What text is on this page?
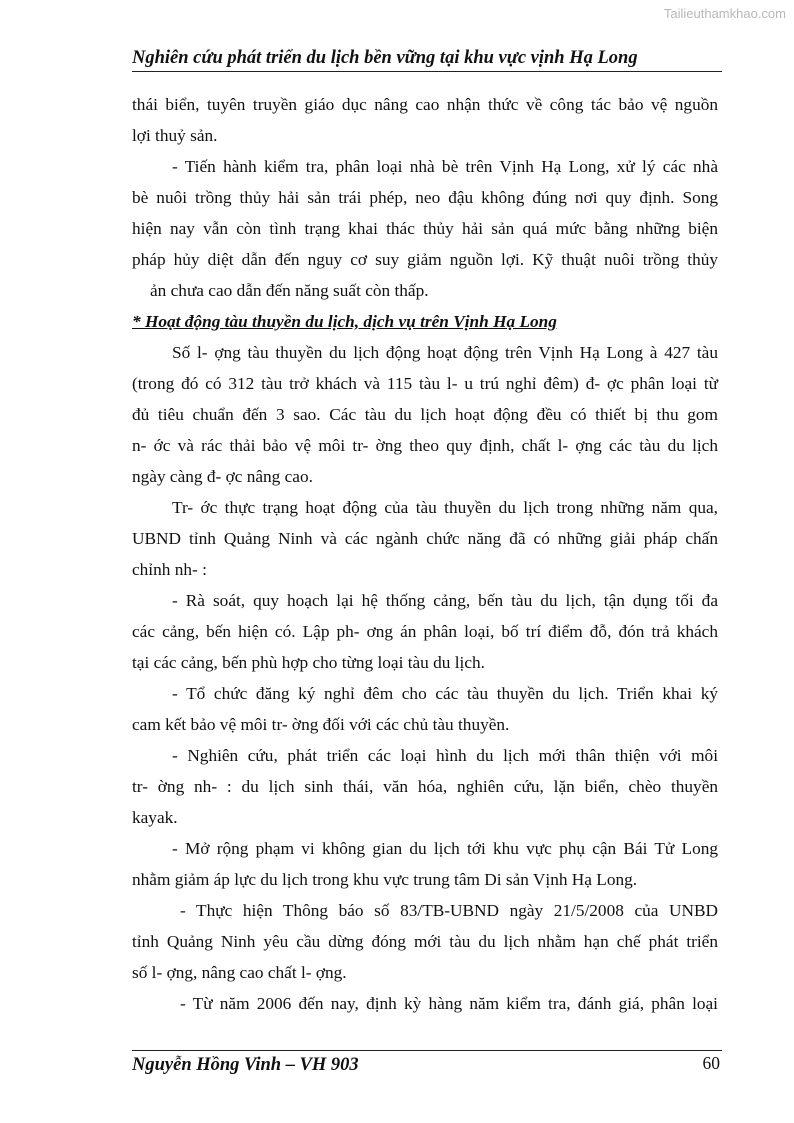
Tailieuthamkhao.com
Nghiên cứu phát triển du lịch bền vững tại khu vực vịnh Hạ Long
thái biển, tuyên truyền giáo dục nâng cao nhận thức về công tác bảo vệ nguồn
lợi thuỷ sản.
- Tiến hành kiểm tra, phân loại nhà bè trên Vịnh Hạ Long, xử lý các nhà
bè nuôi trồng thủy hải sản trái phép, neo đậu không đúng nơi quy định. Song
hiện nay vẫn còn tình trạng khai thác thủy hải sản quá mức bằng những biện
pháp hủy diệt dẫn đến nguy cơ suy giảm nguồn lợi. Kỹ thuật nuôi trồng thủy
ản chưa cao dẫn đến năng suất còn thấp.
* Hoạt động tàu thuyền du lịch, dịch vụ trên Vịnh Hạ Long
Số l- ợng tàu thuyền du lịch động hoạt động trên Vịnh Hạ Long à 427 tàu
(trong đó có 312 tàu trở khách và 115 tàu l- u trú nghỉ đêm) đ- ợc phân loại từ
đủ tiêu chuẩn đến 3 sao. Các tàu du lịch hoạt động đều có thiết bị thu gom
n- ớc và rác thải bảo vệ môi tr- ờng theo quy định, chất l- ợng các tàu du lịch
ngày càng đ- ợc nâng cao.
Tr- ớc thực trạng hoạt động của tàu thuyền du lịch trong những năm qua,
UBND tỉnh Quảng Ninh và các ngành chức năng đã có những giải pháp chấn
chỉnh nh- :
- Rà soát, quy hoạch lại hệ thống cảng, bến tàu du lịch, tận dụng tối đa
các cảng, bến hiện có. Lập ph- ơng án phân loại, bố trí điểm đỗ, đón trả khách
tại các cảng, bến phù hợp cho từng loại tàu du lịch.
- Tổ chức đăng ký nghỉ đêm cho các tàu thuyền du lịch. Triển khai ký
cam kết bảo vệ môi tr- ờng đối với các chủ tàu thuyền.
- Nghiên cứu, phát triển các loại hình du lịch mới thân thiện với môi
tr- ờng nh- : du lịch sinh thái, văn hóa, nghiên cứu, lặn biển, chèo thuyền
kayak.
- Mở rộng phạm vi không gian du lịch tới khu vực phụ cận Bái Tử Long
nhằm giảm áp lực du lịch trong khu vực trung tâm Di sản Vịnh Hạ Long.
- Thực hiện Thông báo số 83/TB-UBND ngày 21/5/2008 của UNBD
tỉnh Quảng Ninh yêu cầu dừng đóng mới tàu du lịch nhằm hạn chế phát triển
số l- ợng, nâng cao chất l- ợng.
- Từ năm 2006 đến nay, định kỳ hàng năm kiểm tra, đánh giá, phân loại
Nguyễn Hồng Vinh – VH 903	60
